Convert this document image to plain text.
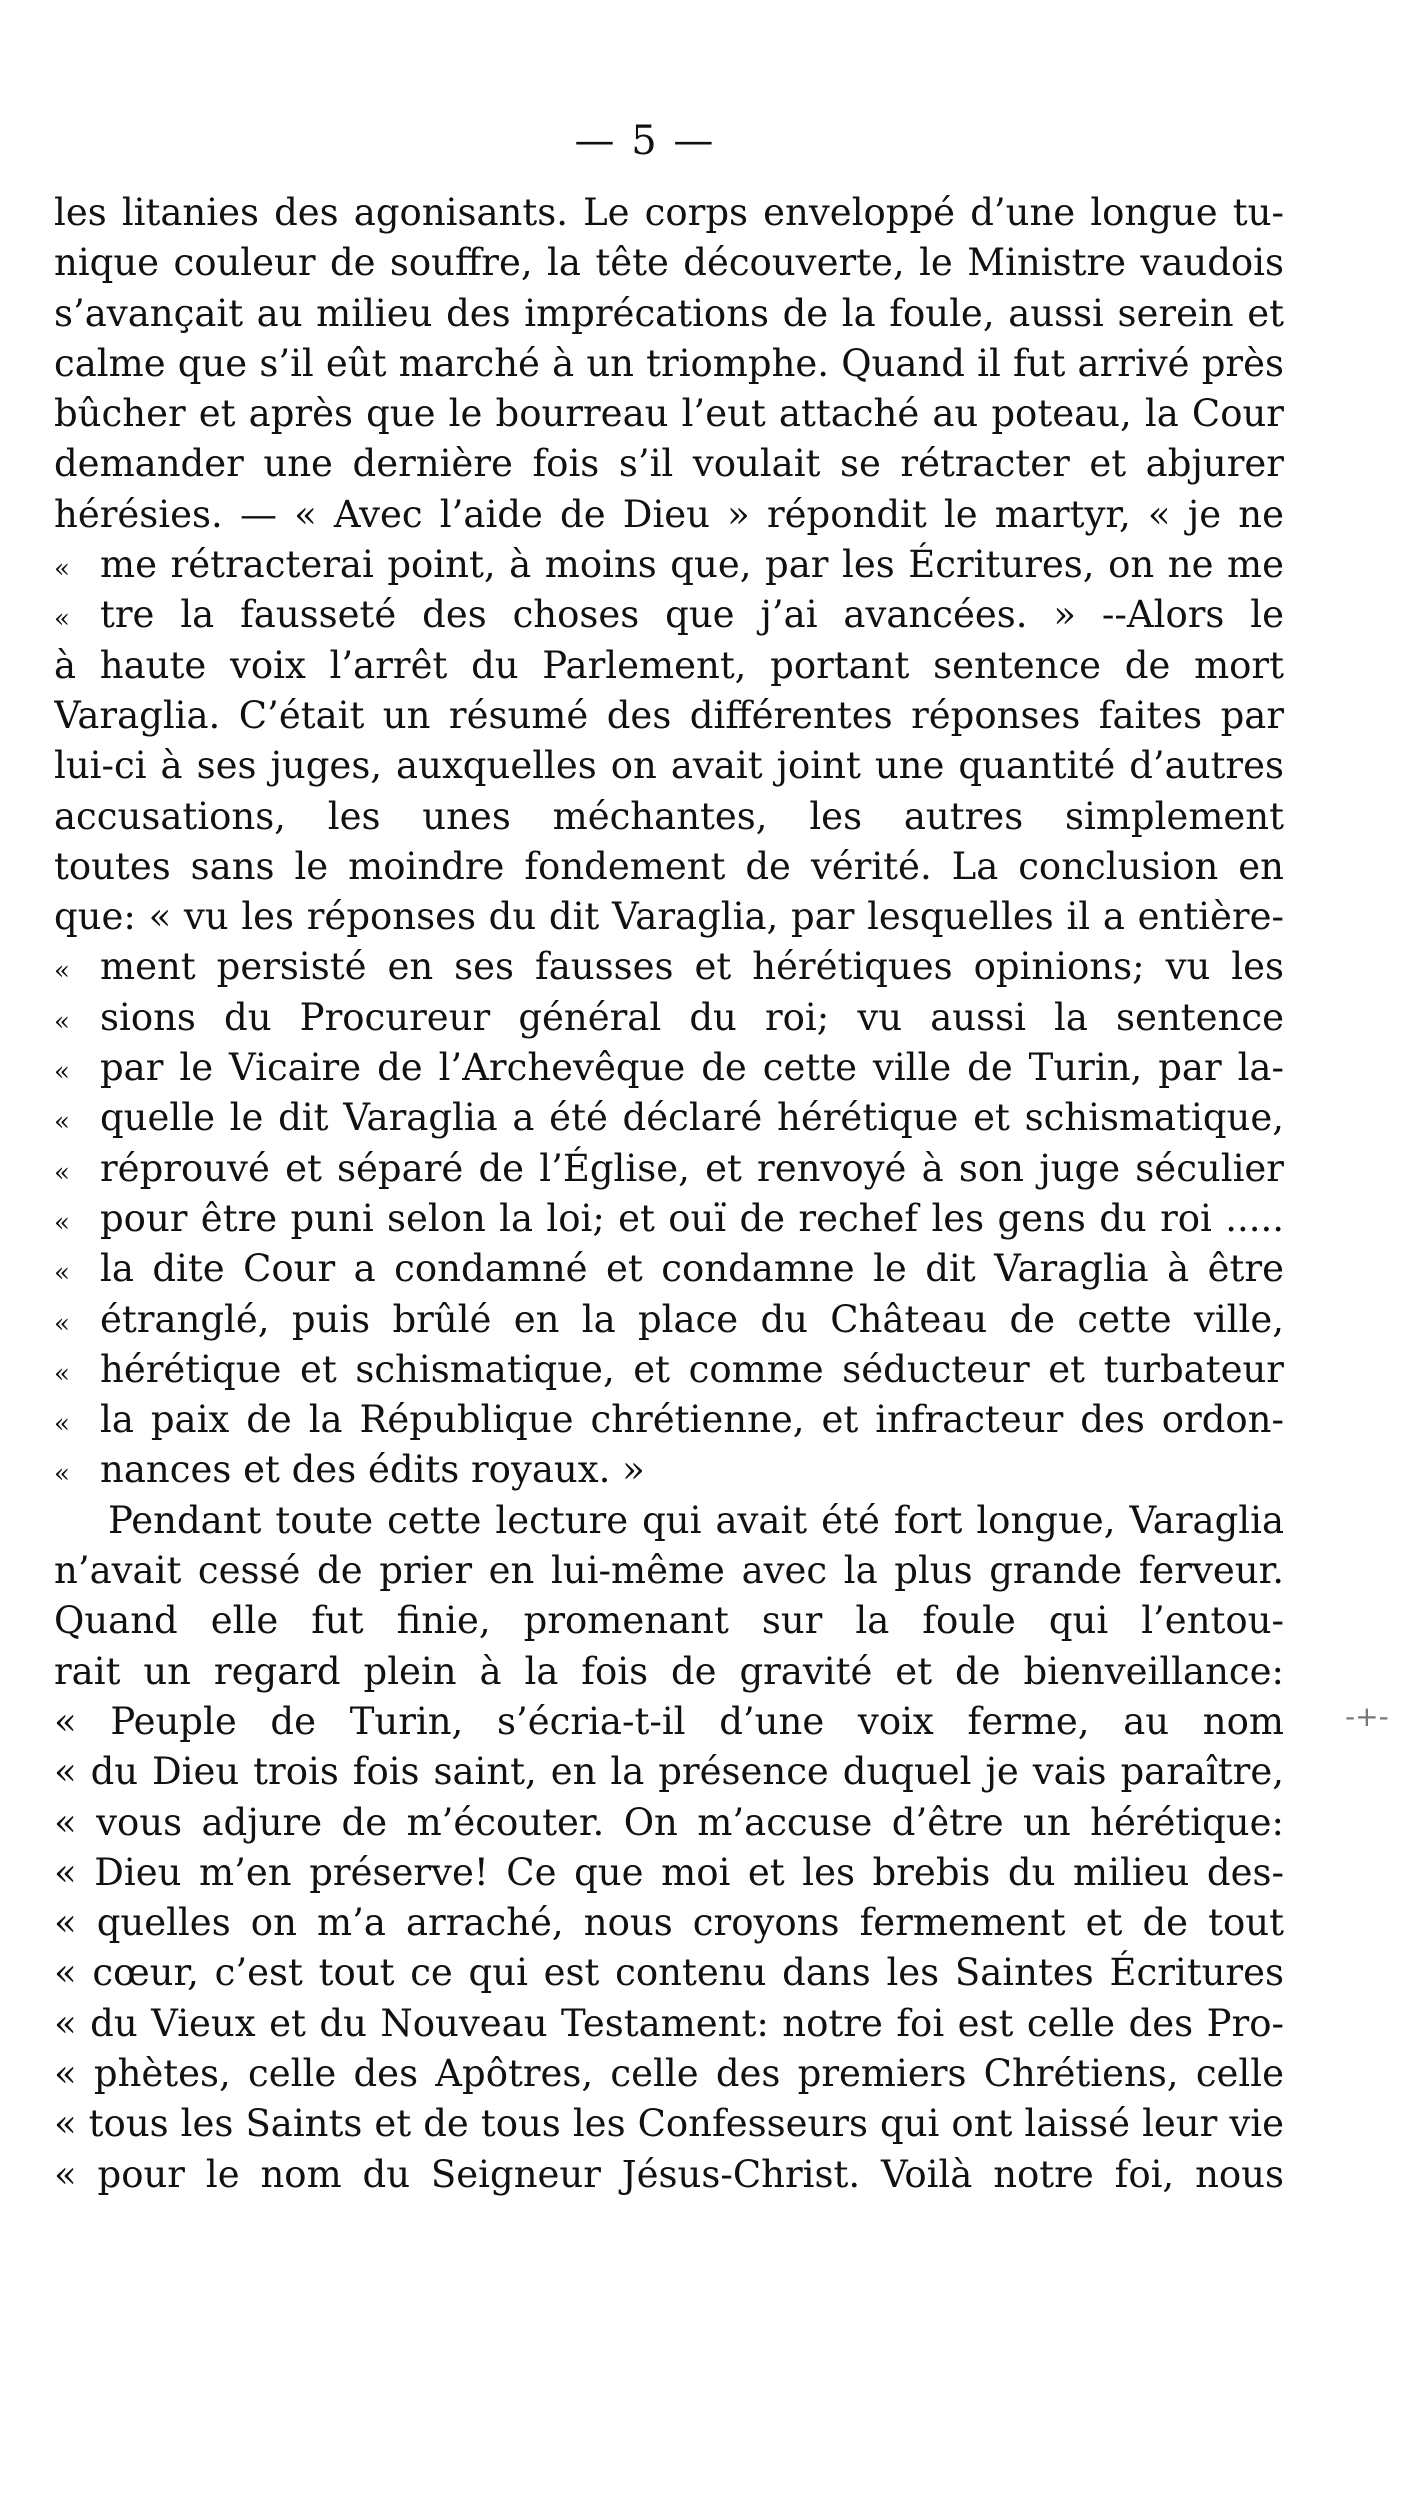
— 5 —
les litanies des agonisants. Le corps enveloppé d’une longue tu-
nique couleur de souffre, la tête découverte, le Ministre vaudois
s’avançait au milieu des imprécations de la foule, aussi serein et
calme que s’il eût marché à un triomphe. Quand il fut arrivé près
bûcher et après que le bourreau l’eut attaché au poteau, la Cour
demander une dernière fois s’il voulait se rétracter et abjurer
hérésies. — « Avec l’aide de Dieu » répondit le martyr, « je ne
« me rétracterai point, à moins que, par les Écritures, on ne me
« tre la fausseté des choses que j’ai avancées. » --Alors le
à haute voix l’arrêt du Parlement, portant sentence de mort
Varaglia. C’était un résumé des différentes réponses faites par
lui-ci à ses juges, auxquelles on avait joint une quantité d’autres
accusations, les unes méchantes, les autres simplement
toutes sans le moindre fondement de vérité. La conclusion en
que: « vu les réponses du dit Varaglia, par lesquelles il a entière-
« ment persisté en ses fausses et hérétiques opinions; vu les
« sions du Procureur général du roi; vu aussi la sentence
« par le Vicaire de l’Archevêque de cette ville de Turin, par la-
« quelle le dit Varaglia a été déclaré hérétique et schismatique,
« réprouvé et séparé de l’Église, et renvoyé à son juge séculier
« pour être puni selon la loi; et ouï de rechef les gens du roi .....
« la dite Cour a condamné et condamne le dit Varaglia à être
« étranglé, puis brûlé en la place du Château de cette ville,
« hérétique et schismatique, et comme séducteur et turbateur
« la paix de la République chrétienne, et infracteur des ordon-
« nances et des édits royaux. »
Pendant toute cette lecture qui avait été fort longue, Varaglia
n’avait cessé de prier en lui-même avec la plus grande ferveur.
Quand elle fut finie, promenant sur la foule qui l’entou-
rait un regard plein à la fois de gravité et de bienveillance:
« Peuple de Turin, s’écria-t-il d’une voix ferme, au nom
« du Dieu trois fois saint, en la présence duquel je vais paraître,
« vous adjure de m’écouter. On m’accuse d’être un hérétique:
« Dieu m’en préserve! Ce que moi et les brebis du milieu des-
« quelles on m’a arraché, nous croyons fermement et de tout
« cœur, c’est tout ce qui est contenu dans les Saintes Écritures
« du Vieux et du Nouveau Testament: notre foi est celle des Pro-
« phètes, celle des Apôtres, celle des premiers Chrétiens, celle
« tous les Saints et de tous les Confesseurs qui ont laissé leur vie
« pour le nom du Seigneur Jésus-Christ. Voilà notre foi, nous
-+-
